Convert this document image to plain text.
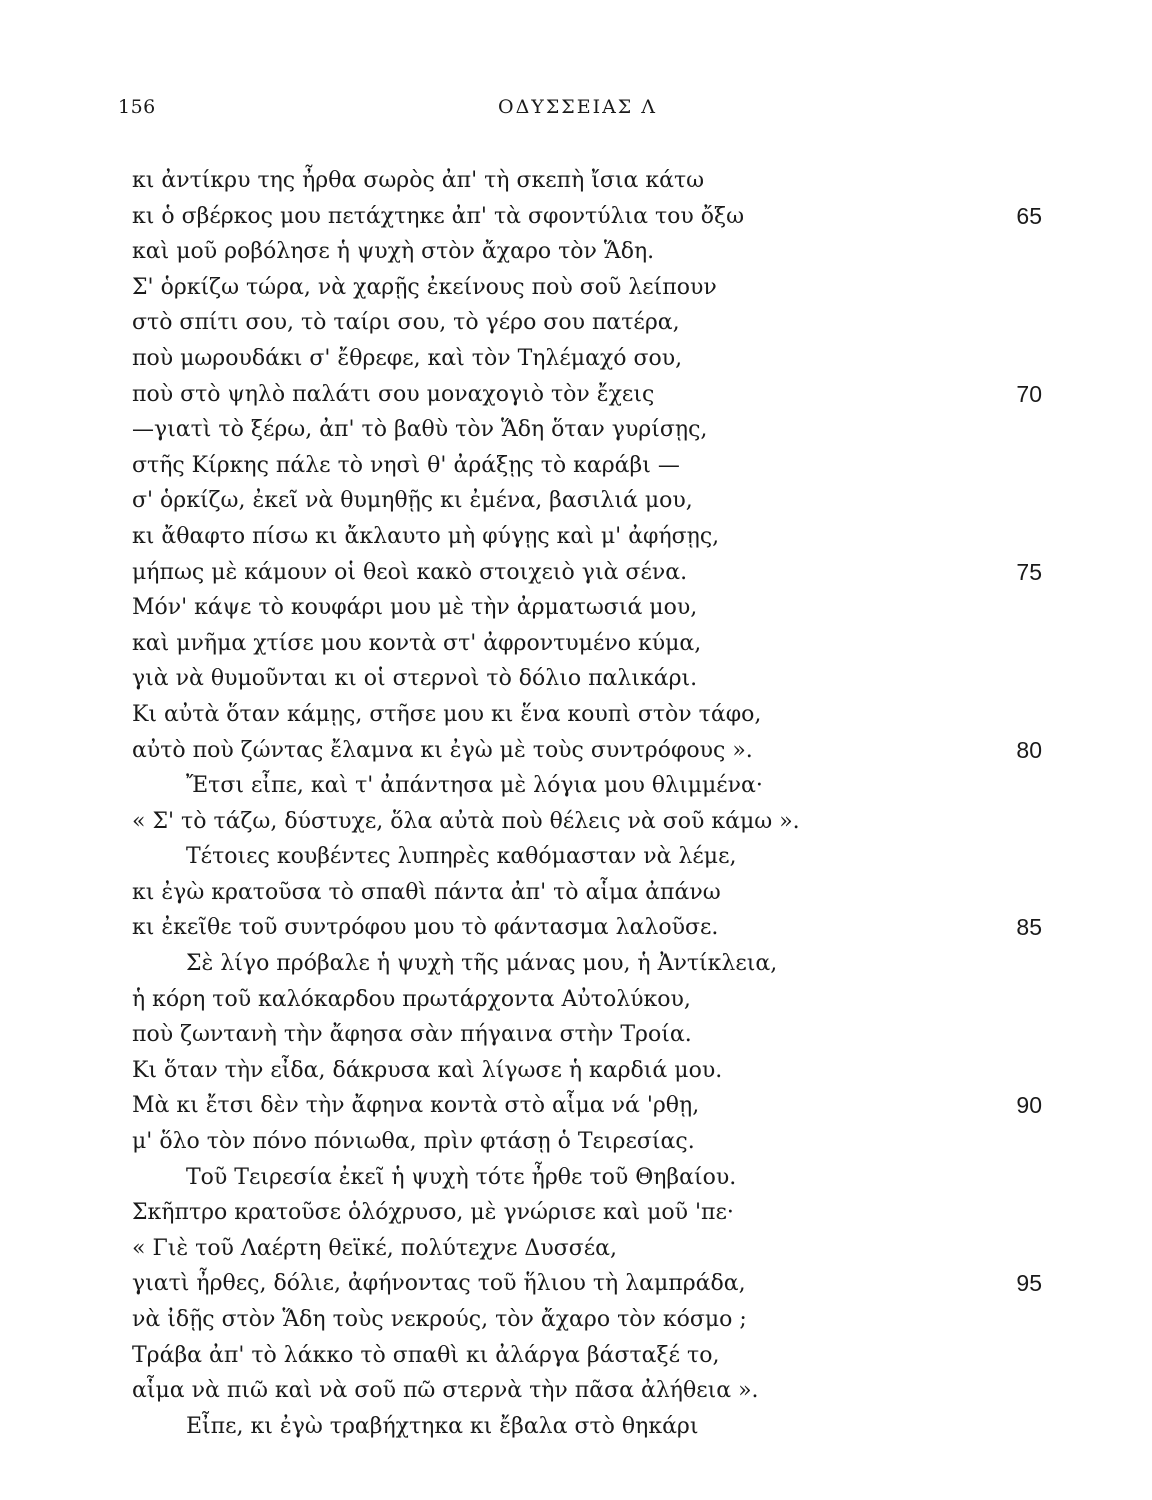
156	ΟΔΥΣΣΕΙΑΣ Λ
κι ἀντίκρυ της ἦρθα σωρὸς ἀπ' τὴ σκεπὴ ἴσια κάτω
κι ὁ σβέρκος μου πετάχτηκε ἀπ' τὰ σφοντύλια του ὄξω	65
καὶ μοῦ ροβόλησε ἡ ψυχὴ στὸν ἄχαρο τὸν Ἅδη.
Σ' ὁρκίζω τώρα, νὰ χαρῇς ἐκείνους ποὺ σοῦ λείπουν
στὸ σπίτι σου, τὸ ταίρι σου, τὸ γέρο σου πατέρα,
ποὺ μωρουδάκι σ' ἔθρεφε, καὶ τὸν Τηλέμαχό σου,
ποὺ στὸ ψηλὸ παλάτι σου μοναχογιὸ τὸν ἔχεις	70
—γιατὶ τὸ ξέρω, ἀπ' τὸ βαθὺ τὸν Ἅδη ὅταν γυρίσῃς,
στῆς Κίρκης πάλε τὸ νησὶ θ' ἀράξῃς τὸ καράβι —
σ' ὁρκίζω, ἐκεῖ νὰ θυμηθῇς κι ἐμένα, βασιλιά μου,
κι ἄθαφτο πίσω κι ἄκλαυτο μὴ φύγῃς καὶ μ' ἀφήσῃς,
μήπως μὲ κάμουν οἱ θεοὶ κακὸ στοιχειὸ γιὰ σένα.	75
Μόν' κάψε τὸ κουφάρι μου μὲ τὴν ἀρματωσιά μου,
καὶ μνῆμα χτίσε μου κοντὰ στ' ἀφροντυμένο κύμα,
γιὰ νὰ θυμοῦνται κι οἱ στερνοὶ τὸ δόλιο παλικάρι.
Κι αὐτὰ ὅταν κάμῃς, στῆσε μου κι ἕνα κουπὶ στὸν τάφο,
αὐτὸ ποὺ ζώντας ἔλαμνα κι ἐγὼ μὲ τοὺς συντρόφους ».	80
Ἔτσι εἶπε, καὶ τ' ἀπάντησα μὲ λόγια μου θλιμμένα·
« Σ' τὸ τάζω, δύστυχε, ὅλα αὐτὰ ποὺ θέλεις νὰ σοῦ κάμω ».
Τέτοιες κουβέντες λυπηρὲς καθόμασταν νὰ λέμε,
κι ἐγὼ κρατοῦσα τὸ σπαθὶ πάντα ἀπ' τὸ αἷμα ἀπάνω
κι ἐκεῖθε τοῦ συντρόφου μου τὸ φάντασμα λαλοῦσε.	85
Σὲ λίγο πρόβαλε ἡ ψυχὴ τῆς μάνας μου, ἡ Ἀντίκλεια,
ἡ κόρη τοῦ καλόκαρδου πρωτάρχοντα Αὐτολύκου,
ποὺ ζωντανὴ τὴν ἄφησα σὰν πήγαινα στὴν Τροία.
Κι ὅταν τὴν εἶδα, δάκρυσα καὶ λίγωσε ἡ καρδιά μου.
Μὰ κι ἔτσι δὲν τὴν ἄφηνα κοντὰ στὸ αἷμα νά 'ρθῃ,	90
μ' ὅλο τὸν πόνο πόνιωθα, πρὶν φτάσῃ ὁ Τειρεσίας.
Τοῦ Τειρεσία ἐκεῖ ἡ ψυχὴ τότε ἦρθε τοῦ Θηβαίου.
Σκῆπτρο κρατοῦσε ὁλόχρυσο, μὲ γνώρισε καὶ μοῦ 'πε·
« Γιὲ τοῦ Λαέρτη θεϊκέ, πολύτεχνε Δυσσέα,
γιατὶ ἦρθες, δόλιε, ἀφήνοντας τοῦ ἥλιου τὴ λαμπράδα,	95
νὰ ἰδῇς στὸν Ἅδη τοὺς νεκρούς, τὸν ἄχαρο τὸν κόσμο ;
Τράβα ἀπ' τὸ λάκκο τὸ σπαθὶ κι ἀλάργα βάσταξέ το,
αἷμα νὰ πιῶ καὶ νὰ σοῦ πῶ στερνὰ τὴν πᾶσα ἀλήθεια ».
Εἶπε, κι ἐγὼ τραβήχτηκα κι ἔβαλα στὸ θηκάρι
